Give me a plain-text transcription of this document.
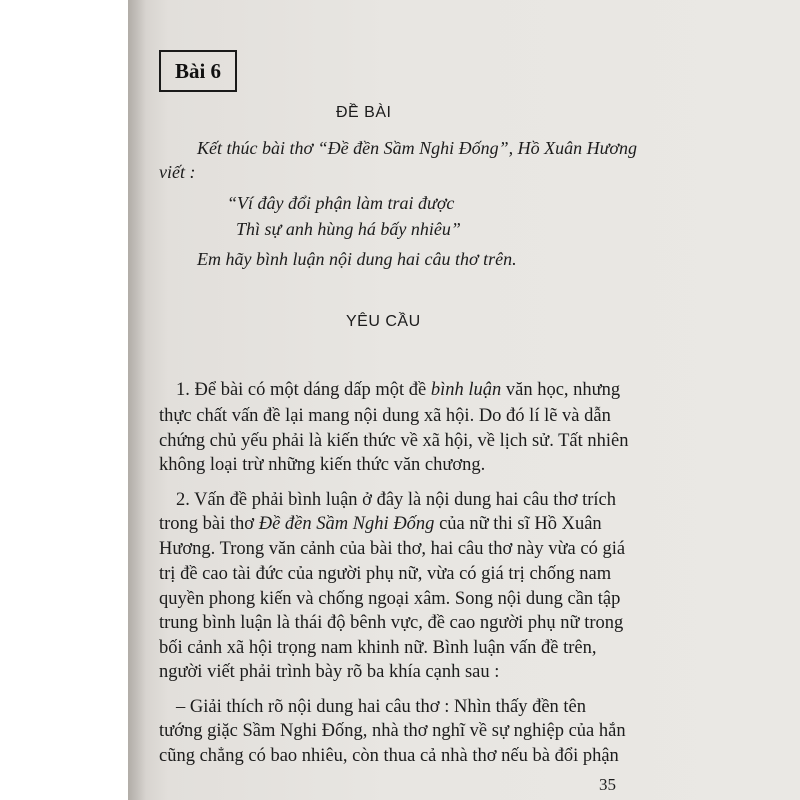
Bài 6
ĐỀ BÀI
Kết thúc bài thơ “Đề đền Sầm Nghi Đống”, Hồ Xuân Hương
viết :
“Ví đây đổi phận làm trai được
Thì sự anh hùng há bấy nhiêu”
Em hãy bình luận nội dung hai câu thơ trên.
YÊU CẦU
1. Để bài có một dáng dấp một đề bình luận văn học, nhưng
thực chất vấn đề lại mang nội dung xã hội. Do đó lí lẽ và dẫn
chứng chủ yếu phải là kiến thức về xã hội, về lịch sử. Tất nhiên
không loại trừ những kiến thức văn chương.
2. Vấn đề phải bình luận ở đây là nội dung hai câu thơ trích
trong bài thơ Đề đền Sầm Nghi Đống của nữ thi sĩ Hồ Xuân
Hương. Trong văn cảnh của bài thơ, hai câu thơ này vừa có giá
trị đề cao tài đức của người phụ nữ, vừa có giá trị chống nam
quyền phong kiến và chống ngoại xâm. Song nội dung cần tập
trung bình luận là thái độ bênh vực, đề cao người phụ nữ trong
bối cảnh xã hội trọng nam khinh nữ. Bình luận vấn đề trên,
người viết phải trình bày rõ ba khía cạnh sau :
– Giải thích rõ nội dung hai câu thơ : Nhìn thấy đền tên
tướng giặc Sầm Nghi Đống, nhà thơ nghĩ về sự nghiệp của hắn
cũng chẳng có bao nhiêu, còn thua cả nhà thơ nếu bà đổi phận
35
